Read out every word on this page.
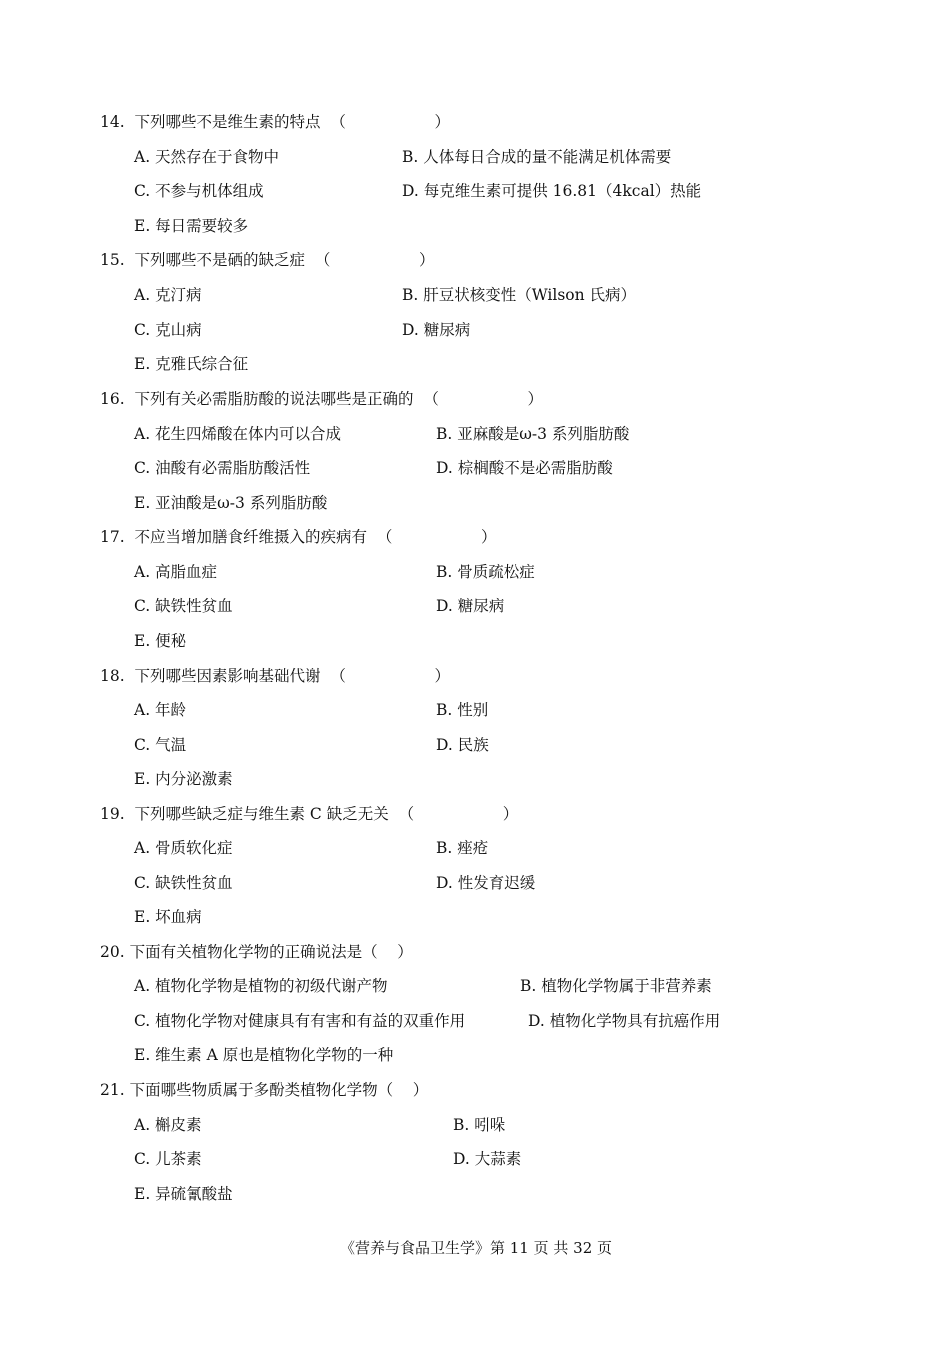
14.  下列哪些不是维生素的特点  （                  ）
A. 天然存在于食物中	B. 人体每日合成的量不能满足机体需要
C. 不参与机体组成	D. 每克维生素可提供 16.81（4kcal）热能
E. 每日需要较多
15.  下列哪些不是硒的缺乏症  （                  ）
A. 克汀病	B. 肝豆状核变性（Wilson 氏病）
C. 克山病	D. 糖尿病
E. 克雅氏综合征
16.  下列有关必需脂肪酸的说法哪些是正确的  （                  ）
A. 花生四烯酸在体内可以合成	B. 亚麻酸是ω-3 系列脂肪酸
C. 油酸有必需脂肪酸活性	D. 棕榈酸不是必需脂肪酸
E. 亚油酸是ω-3 系列脂肪酸
17.  不应当增加膳食纤维摄入的疾病有  （                  ）
A. 高脂血症	B. 骨质疏松症
C. 缺铁性贫血	D. 糖尿病
E. 便秘
18.  下列哪些因素影响基础代谢  （                  ）
A. 年龄	B. 性别
C. 气温	D. 民族
E. 内分泌激素
19.  下列哪些缺乏症与维生素 C 缺乏无关  （                  ）
A. 骨质软化症	B. 痤疮
C. 缺铁性贫血	D. 性发育迟缓
E. 坏血病
20. 下面有关植物化学物的正确说法是（    ）
A. 植物化学物是植物的初级代谢产物	B. 植物化学物属于非营养素
C. 植物化学物对健康具有有害和有益的双重作用	D. 植物化学物具有抗癌作用
E. 维生素 A 原也是植物化学物的一种
21. 下面哪些物质属于多酚类植物化学物（    ）
A. 槲皮素	B. 吲哚
C. 儿茶素	D. 大蒜素
E. 异硫氰酸盐
《营养与食品卫生学》第 11 页 共 32 页
